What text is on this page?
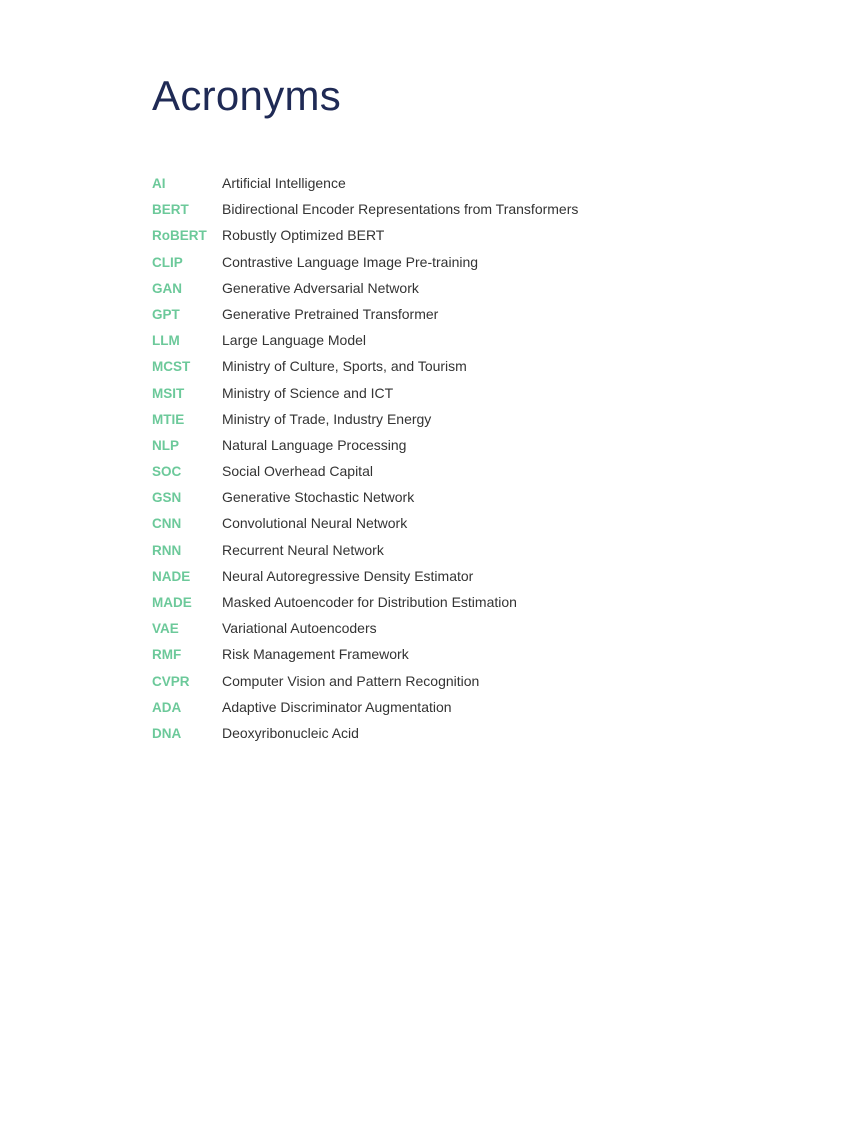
Acronyms
AI	Artificial Intelligence
BERT	Bidirectional Encoder Representations from Transformers
RoBERT	Robustly Optimized BERT
CLIP	Contrastive Language Image Pre-training
GAN	Generative Adversarial Network
GPT	Generative Pretrained Transformer
LLM	Large Language Model
MCST	Ministry of Culture, Sports, and Tourism
MSIT	Ministry of Science and ICT
MTIE	Ministry of Trade, Industry Energy
NLP	Natural Language Processing
SOC	Social Overhead Capital
GSN	Generative Stochastic Network
CNN	Convolutional Neural Network
RNN	Recurrent Neural Network
NADE	Neural Autoregressive Density Estimator
MADE	Masked Autoencoder for Distribution Estimation
VAE	Variational Autoencoders
RMF	Risk Management Framework
CVPR	Computer Vision and Pattern Recognition
ADA	Adaptive Discriminator Augmentation
DNA	Deoxyribonucleic Acid
